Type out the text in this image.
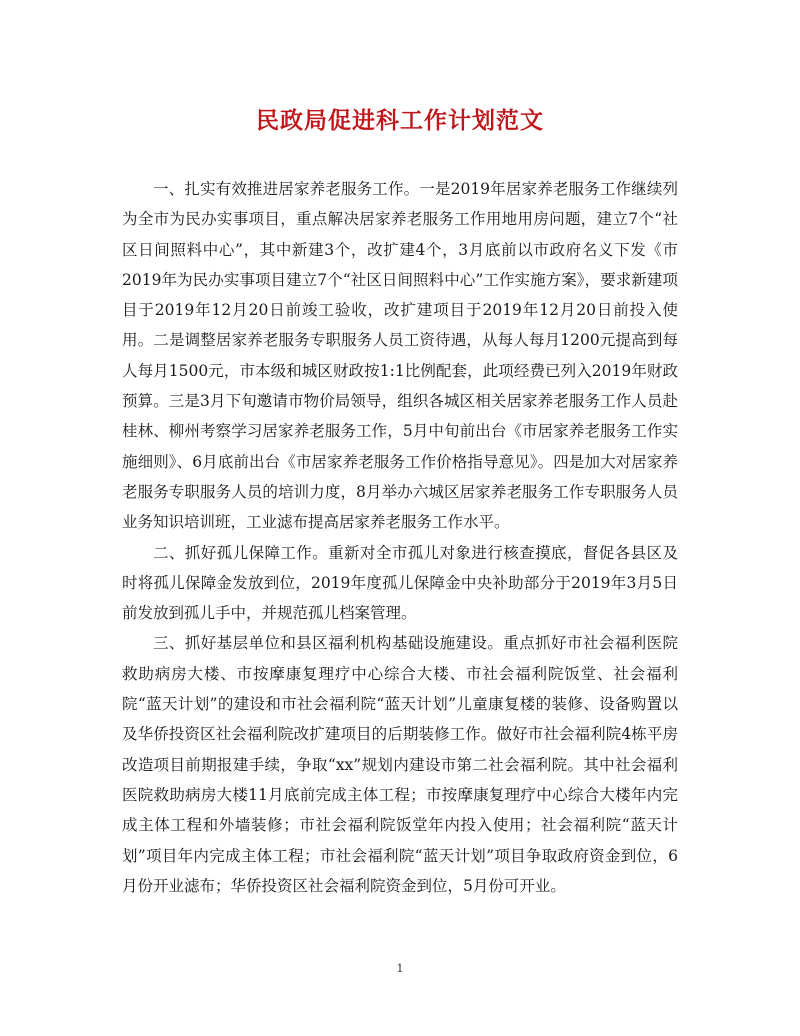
民政局促进科工作计划范文

一、扎实有效推进居家养老服务工作。一是2019年居家养老服务工作继续列为全市为民办实事项目，重点解决居家养老服务工作用地用房问题，建立7个“社区日间照料中心”，其中新建3个，改扩建4个，3月底前以市政府名义下发《市2019年为民办实事项目建立7个“社区日间照料中心”工作实施方案》，要求新建项目于2019年12月20日前竣工验收，改扩建项目于2019年12月20日前投入使用。二是调整居家养老服务专职服务人员工资待遇，从每人每月1200元提高到每人每月1500元，市本级和城区财政按1:1比例配套，此项经费已列入2019年财政预算。三是3月下旬邀请市物价局领导，组织各城区相关居家养老服务工作人员赴桂林、柳州考察学习居家养老服务工作，5月中旬前出台《市居家养老服务工作实施细则》、6月底前出台《市居家养老服务工作价格指导意见》。四是加大对居家养老服务专职服务人员的培训力度，8月举办六城区居家养老服务工作专职服务人员业务知识培训班，工业滤布提高居家养老服务工作水平。

二、抓好孤儿保障工作。重新对全市孤儿对象进行核查摸底，督促各县区及时将孤儿保障金发放到位，2019年度孤儿保障金中央补助部分于2019年3月5日前发放到孤儿手中，并规范孤儿档案管理。

三、抓好基层单位和县区福利机构基础设施建设。重点抓好市社会福利医院救助病房大楼、市按摩康复理疗中心综合大楼、市社会福利院饭堂、社会福利院“蓝天计划”的建设和市社会福利院“蓝天计划”儿童康复楼的装修、设备购置以及华侨投资区社会福利院改扩建项目的后期装修工作。做好市社会福利院4栋平房改造项目前期报建手续，争取“xx”规划内建设市第二社会福利院。其中社会福利医院救助病房大楼11月底前完成主体工程；市按摩康复理疗中心综合大楼年内完成主体工程和外墙装修；市社会福利院饭堂年内投入使用；社会福利院“蓝天计划”项目年内完成主体工程；市社会福利院“蓝天计划”项目争取政府资金到位，6月份开业滤布；华侨投资区社会福利院资金到位，5月份可开业。

1
